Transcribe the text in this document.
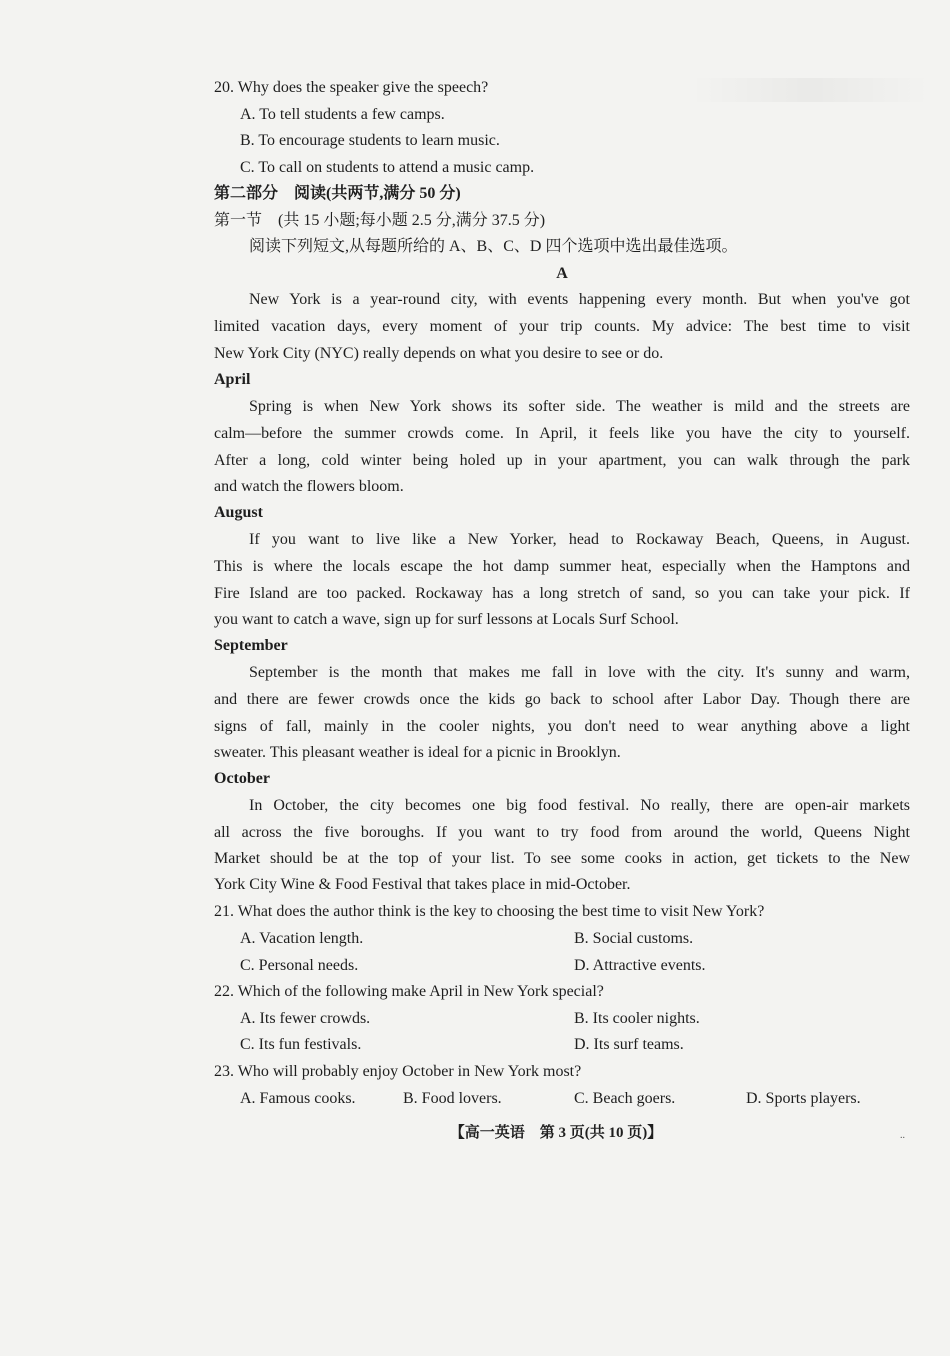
20. Why does the speaker give the speech?
A. To tell students a few camps.
B. To encourage students to learn music.
C. To call on students to attend a music camp.
第二部分　阅读(共两节,满分 50 分)
第一节　(共 15 小题;每小题 2.5 分,满分 37.5 分)
阅读下列短文,从每题所给的 A、B、C、D 四个选项中选出最佳选项。
A
New York is a year-round city, with events happening every month. But when you've got
limited vacation days, every moment of your trip counts. My advice: The best time to visit
New York City (NYC) really depends on what you desire to see or do.
April
Spring is when New York shows its softer side. The weather is mild and the streets are
calm—before the summer crowds come. In April, it feels like you have the city to yourself.
After a long, cold winter being holed up in your apartment, you can walk through the park
and watch the flowers bloom.
August
If you want to live like a New Yorker, head to Rockaway Beach, Queens, in August.
This is where the locals escape the hot damp summer heat, especially when the Hamptons and
Fire Island are too packed. Rockaway has a long stretch of sand, so you can take your pick. If
you want to catch a wave, sign up for surf lessons at Locals Surf School.
September
September is the month that makes me fall in love with the city. It's sunny and warm,
and there are fewer crowds once the kids go back to school after Labor Day. Though there are
signs of fall, mainly in the cooler nights, you don't need to wear anything above a light
sweater. This pleasant weather is ideal for a picnic in Brooklyn.
October
In October, the city becomes one big food festival. No really, there are open-air markets
all across the five boroughs. If you want to try food from around the world, Queens Night
Market should be at the top of your list. To see some cooks in action, get tickets to the New
York City Wine & Food Festival that takes place in mid-October.
21. What does the author think is the key to choosing the best time to visit New York?
A. Vacation length.	B. Social customs.
C. Personal needs.	D. Attractive events.
22. Which of the following make April in New York special?
A. Its fewer crowds.	B. Its cooler nights.
C. Its fun festivals.	D. Its surf teams.
23. Who will probably enjoy October in New York most?
A. Famous cooks.	B. Food lovers.	C. Beach goers.	D. Sports players.
【高一英语　第 3 页(共 10 页)】	..
